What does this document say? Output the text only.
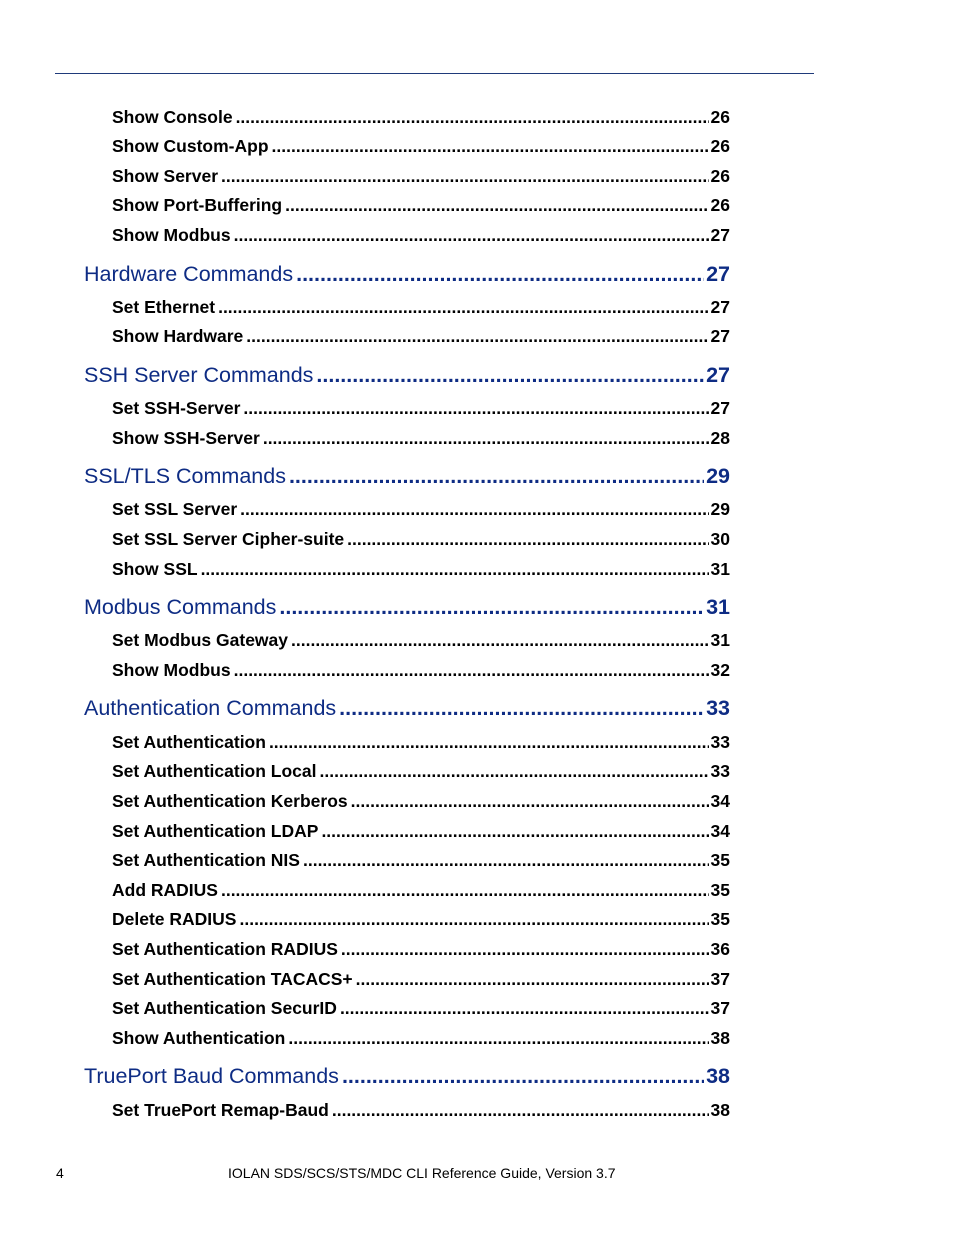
Show Console .....	26
Show Custom-App .....	26
Show Server .....	26
Show Port-Buffering .....	26
Show Modbus .....	27
Hardware Commands .....	27
Set Ethernet .....	27
Show Hardware .....	27
SSH Server Commands .....	27
Set SSH-Server .....	27
Show SSH-Server .....	28
SSL/TLS Commands .....	29
Set SSL Server .....	29
Set SSL Server Cipher-suite .....	30
Show SSL .....	31
Modbus Commands .....	31
Set Modbus Gateway .....	31
Show Modbus .....	32
Authentication Commands .....	33
Set Authentication .....	33
Set Authentication Local .....	33
Set Authentication Kerberos .....	34
Set Authentication LDAP .....	34
Set Authentication NIS .....	35
Add RADIUS .....	35
Delete RADIUS .....	35
Set Authentication RADIUS .....	36
Set Authentication TACACS+ .....	37
Set Authentication SecurID .....	37
Show Authentication .....	38
TruePort Baud Commands .....	38
Set TruePort Remap-Baud .....	38
4	IOLAN SDS/SCS/STS/MDC CLI Reference Guide, Version 3.7
